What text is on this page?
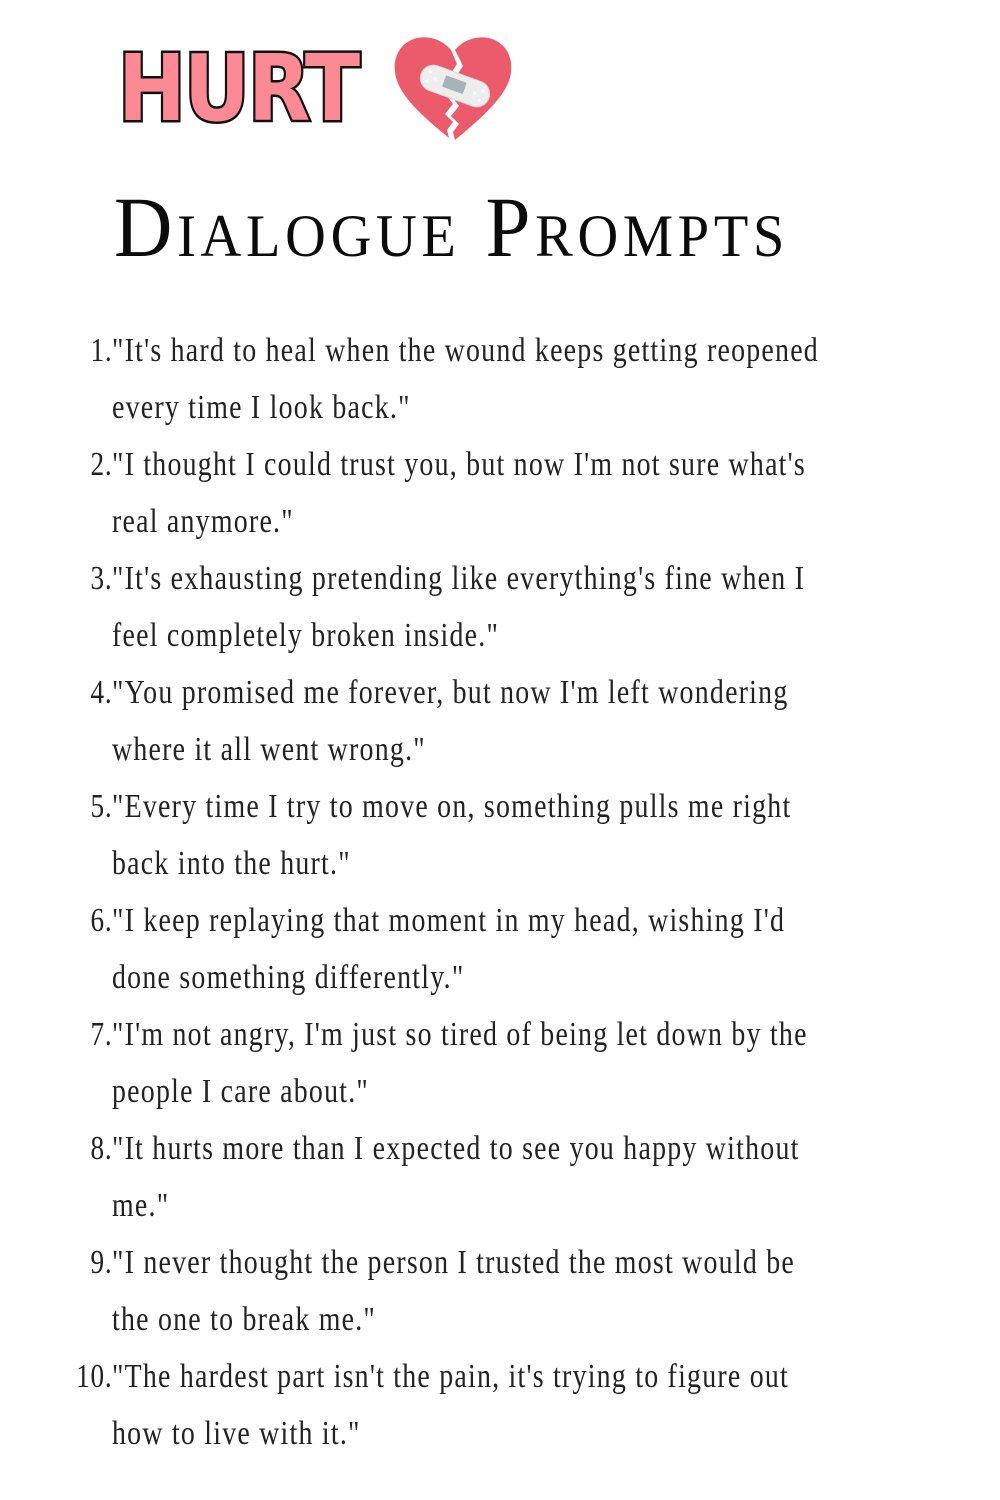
HURT
Dialogue Prompts
1. "It's hard to heal when the wound keeps getting reopened
every time I look back."
2. "I thought I could trust you, but now I'm not sure what's
real anymore."
3. "It's exhausting pretending like everything's fine when I
feel completely broken inside."
4. "You promised me forever, but now I'm left wondering
where it all went wrong."
5. "Every time I try to move on, something pulls me right
back into the hurt."
6. "I keep replaying that moment in my head, wishing I'd
done something differently."
7. "I'm not angry, I'm just so tired of being let down by the
people I care about."
8. "It hurts more than I expected to see you happy without
me."
9. "I never thought the person I trusted the most would be
the one to break me."
10. "The hardest part isn't the pain, it's trying to figure out
how to live with it."
